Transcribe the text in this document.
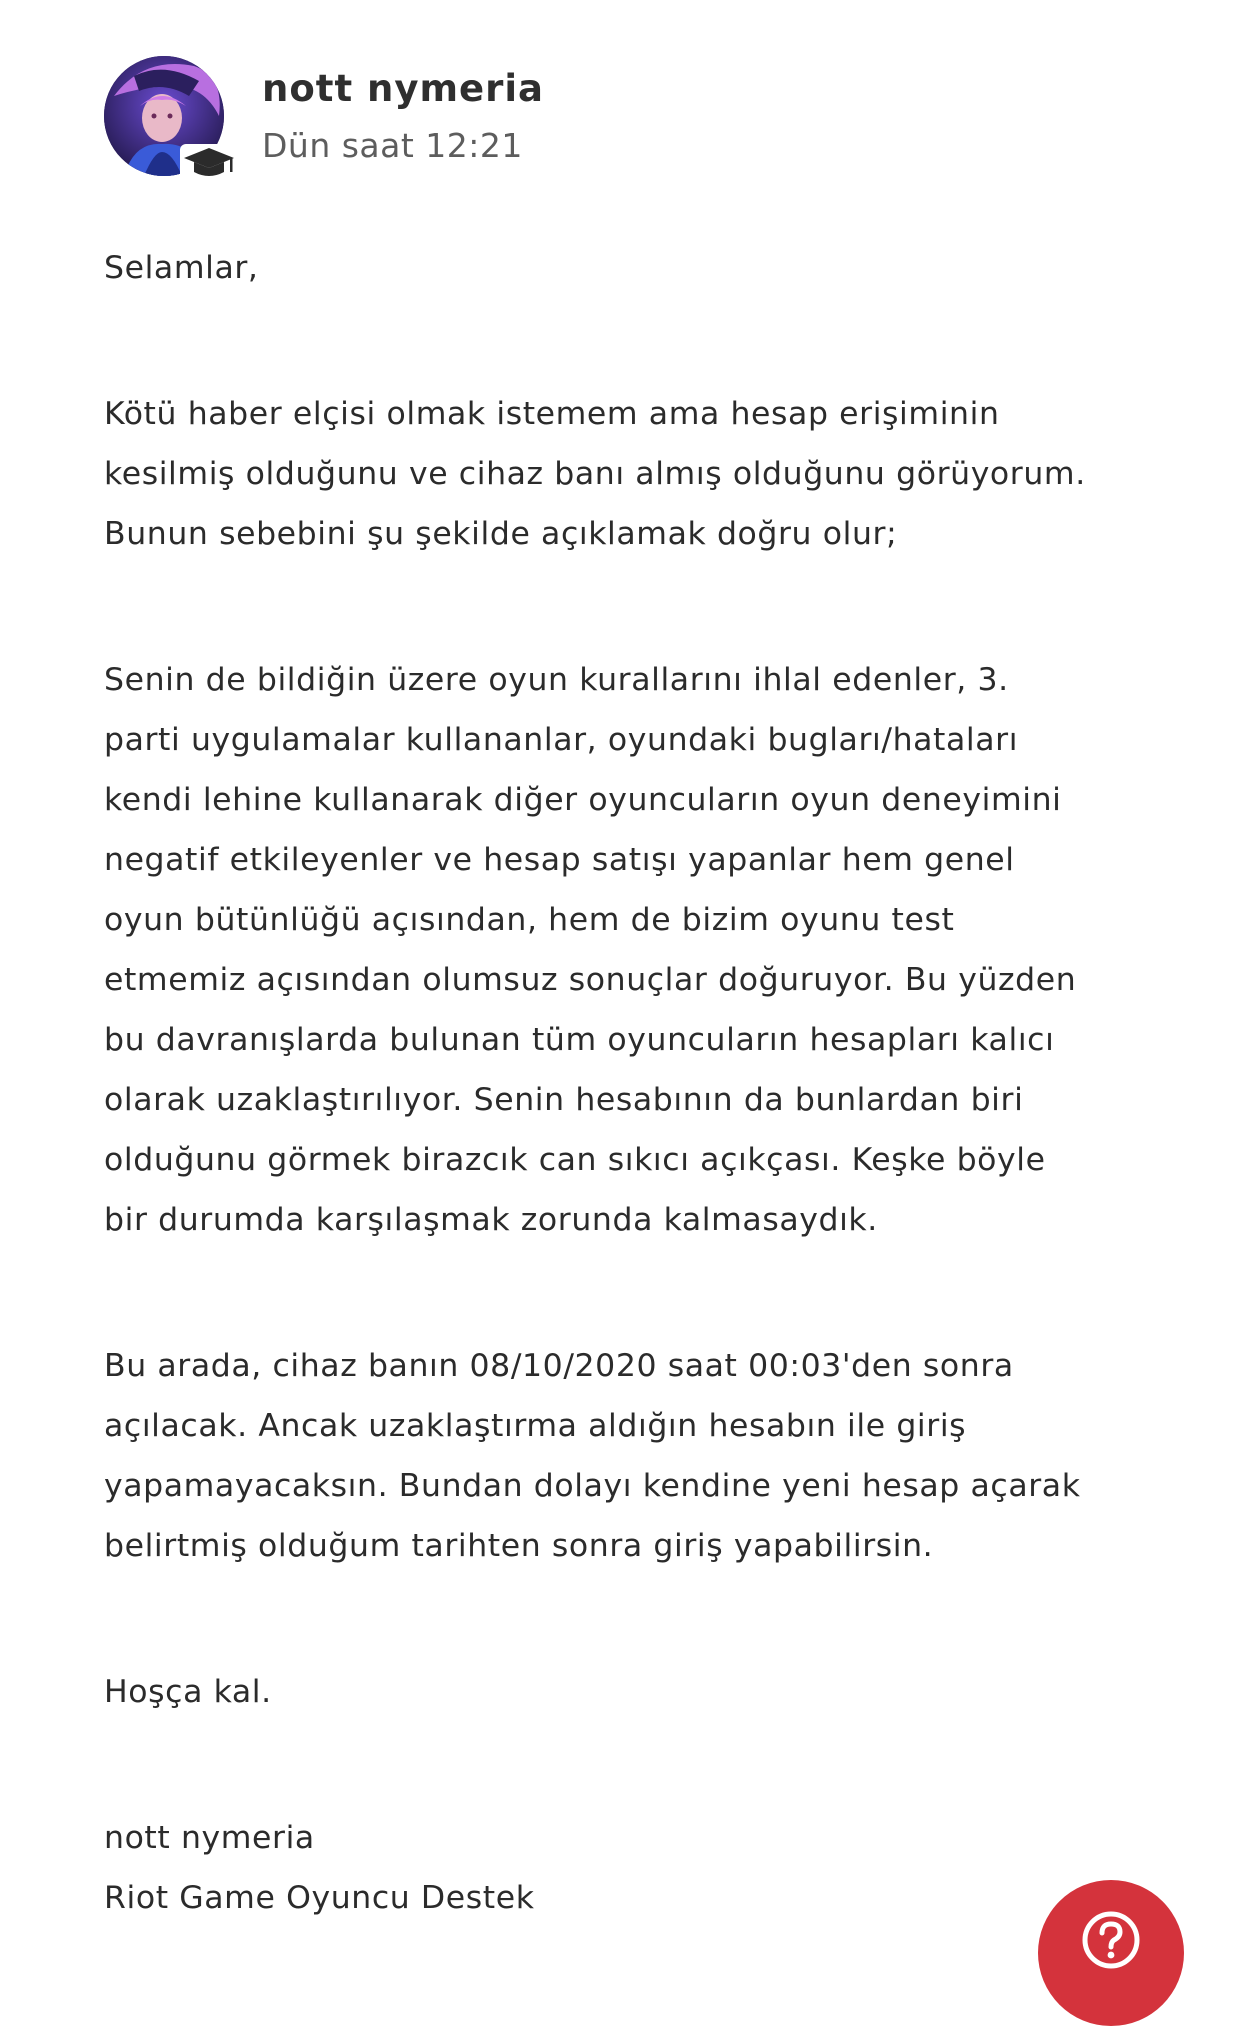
nott nymeria
Dün saat 12:21

Selamlar,

Kötü haber elçisi olmak istemem ama hesap erişiminin
kesilmiş olduğunu ve cihaz banı almış olduğunu görüyorum.
Bunun sebebini şu şekilde açıklamak doğru olur;

Senin de bildiğin üzere oyun kurallarını ihlal edenler, 3.
parti uygulamalar kullananlar, oyundaki bugları/hataları
kendi lehine kullanarak diğer oyuncuların oyun deneyimini
negatif etkileyenler ve hesap satışı yapanlar hem genel
oyun bütünlüğü açısından, hem de bizim oyunu test
etmemiz açısından olumsuz sonuçlar doğuruyor. Bu yüzden
bu davranışlarda bulunan tüm oyuncuların hesapları kalıcı
olarak uzaklaştırılıyor. Senin hesabının da bunlardan biri
olduğunu görmek birazcık can sıkıcı açıkçası. Keşke böyle
bir durumda karşılaşmak zorunda kalmasaydık.

Bu arada, cihaz banın 08/10/2020 saat 00:03'den sonra
açılacak. Ancak uzaklaştırma aldığın hesabın ile giriş
yapamayacaksın. Bundan dolayı kendine yeni hesap açarak
belirtmiş olduğum tarihten sonra giriş yapabilirsin.

Hoşça kal.

nott nymeria
Riot Game Oyuncu Destek
